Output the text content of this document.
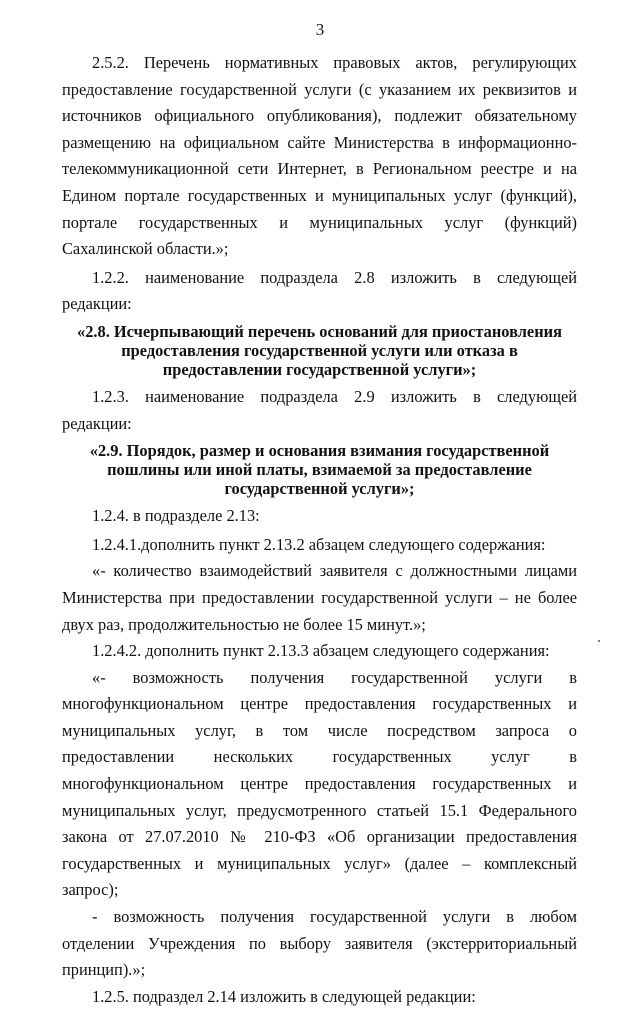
3

2.5.2. Перечень нормативных правовых актов, регулирующих предоставление государственной услуги (с указанием их реквизитов и источников официального опубликования), подлежит обязательному размещению на официальном сайте Министерства в информационно-телекоммуникационной сети Интернет, в Региональном реестре и на Едином портале государственных и муниципальных услуг (функций), портале государственных и муниципальных услуг (функций) Сахалинской области.»;

1.2.2. наименование подраздела 2.8 изложить в следующей редакции:

«2.8. Исчерпывающий перечень оснований для приостановления предоставления государственной услуги или отказа в предоставлении государственной услуги»;

1.2.3. наименование подраздела 2.9 изложить в следующей редакции:

«2.9. Порядок, размер и основания взимания государственной пошлины или иной платы, взимаемой за предоставление государственной услуги»;

1.2.4. в подразделе 2.13:

1.2.4.1.дополнить пункт 2.13.2 абзацем следующего содержания:

«- количество взаимодействий заявителя с должностными лицами Министерства при предоставлении государственной услуги – не более двух раз, продолжительностью не более 15 минут.»;

1.2.4.2. дополнить пункт 2.13.3 абзацем следующего содержания:

«- возможность получения государственной услуги в многофункциональном центре предоставления государственных и муниципальных услуг, в том числе посредством запроса о предоставлении нескольких государственных услуг в многофункциональном центре предоставления государственных и муниципальных услуг, предусмотренного статьей 15.1 Федерального закона от 27.07.2010 № 210-ФЗ «Об организации предоставления государственных и муниципальных услуг» (далее – комплексный запрос);

- возможность получения государственной услуги в любом отделении Учреждения по выбору заявителя (экстерриториальный принцип).»;

1.2.5. подраздел 2.14 изложить в следующей редакции:
